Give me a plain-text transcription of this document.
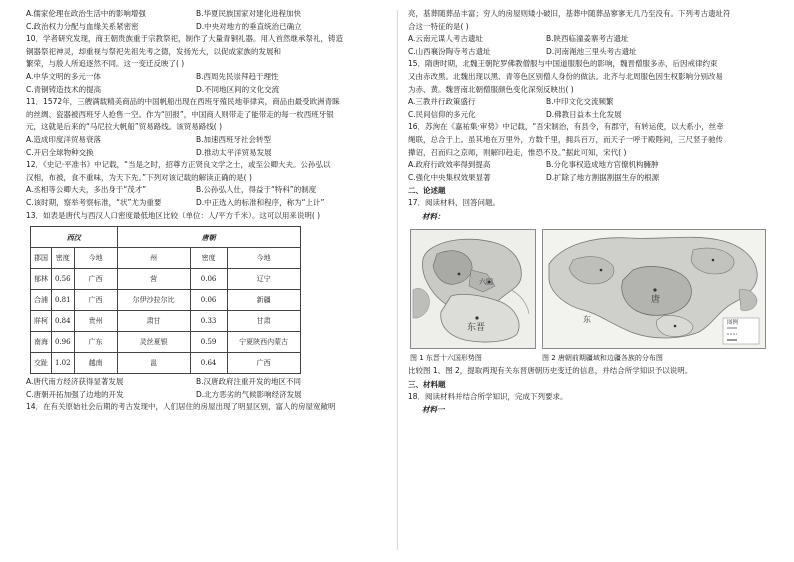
A.儒家伦理在政治生活中的影响增强	B.华夏民族国家对建化进程加快
C.政治权力分配与血缘关系紧密密	D.中央对地方的垂直统治已确立
10．学者研究发现，商王朝贵族重于宗教祭祀，制作了大量青铜礼器。用人首然继承祭礼，铸造
铜器祭祀神灵，却重视与祭祀先祖先考之德，发扬光大，以促成家族的发展和
繁荣，与殷人所追逐然不同。这一变迁反映了( )
A.中华文明的多元一体	B.西周先民崇拜趋于理性
C.青铜铸造技术的提高	D.不同地区间的文化交流
11．1572年，三艘满载精美商品的中国帆船出现在西班牙殖民地菲律宾，商品由最受欧洲青睐
的丝绸、瓷器被西班牙人抢售一空。作为“回报”，中国商人则带走了能带走的每一枚西班牙银
元，这就是后来的“马尼拉大帆船”贸易路线。该贸易路线( )
A.造成印度洋贸易衰落	B.加速西班牙社会转型
C.开启全球物种交换	D.推动太平洋贸易发展
12．《史记·平准书》中记载，“当是之时，招尊方正贤良文学之士，或至公卿大夫。公孙弘以
汉相，布被，食不重味，为天下先。”下列对该记载的解读正确的是( )
A.丞相等公卿大夫，多出身于“茂才”	B.公孙弘人仕，得益于“特科”的制度
C.该时期，察举考察标准，“状”尤为重要	D.中正选入的标准和程序，称为“上计”
13．如表是唐代与西汉人口密度最低地区比较（单位：人/平方千米）。这可以用来说明( )
西汉			唐朝		
郡国	密度	今地	州	密度	今地
郁林	0.56	广西	营	0.06	辽宁
合浦	0.81	广西	尔伊沙拉尔比	0.06	新疆
牂柯	0.84	贵州	肃甘	0.33	甘肃
南海	0.96	广东	灵丝夏银	0.59	宁夏陕西内蒙古
交趾	1.02	越南	邕	0.64	广西
A.唐代南方经济获得显著发展	B.汉唐政府注重开发的地区不同
C.唐朝开拓加强了边地的开发	D.北方恶劣的气候影响经济发展
14．在有关原始社会后期的考古发现中，人们居住的房屋出现了明显区别，富人的房屋宽敞明
亮，基葬随葬品丰富；穷人的房屋则矮小破旧，基葬中随葬品寥寥无几乃至没有。下列考古遗址符
合这一特征的是( )
A.云南元谋人考古遗址	B.陕西临潼姜寨考古遗址
C.山西襄汾陶寺考古遗址	D.河南渑池三里头考古遗址
15．隋唐时期，北魏王朝陀罗佛教僧服与中国道服服色的影响，魏晋僧服多赤，后因戒律约束
又由赤改黑。北魏出现以黑、青等色区别僧人身份的做法。北齐与北周服色因生权影响分别改易
为赤、黄。魏晋南北朝僧服颜色变化深刻反映出( )
A.三教并行政策盛行	B.中印文化交流频繁
C.民间信仰的多元化	D.佛教日益本土化发展
16．苏洵在《嘉祐集·审势》中记载，“吾宋制治，有县令，有郡守，有转运使，以大系小，丝牵
绳联，总合于上。虽其地在万里外，方数千里，拥兵百万，而天子一呼于殿陛间，三尺竖子驰传
撵诏，召而归之京师，则解印趋走，惟恐不及。”据此可知，宋代( )
A.政府行政效率得到提高	B.分化事权造成地方官僚机构臃肿
C.强化中央集权效果显著	D.扩除了地方割据割据生存的根源
二、论述题
17．阅读材料，回答问题。
材料：
东晋
六国
图例
唐
东
图 1 东晋十六国形势图	图 2 唐朝前期疆域和边疆各族的分布图
比较图 1、图 2，提取两现有关东晋唐朝历史变迁的信息，并结合所学知识予以说明。
三、材料题
18．阅读材料并结合所学知识，完成下列要求。
材料一
